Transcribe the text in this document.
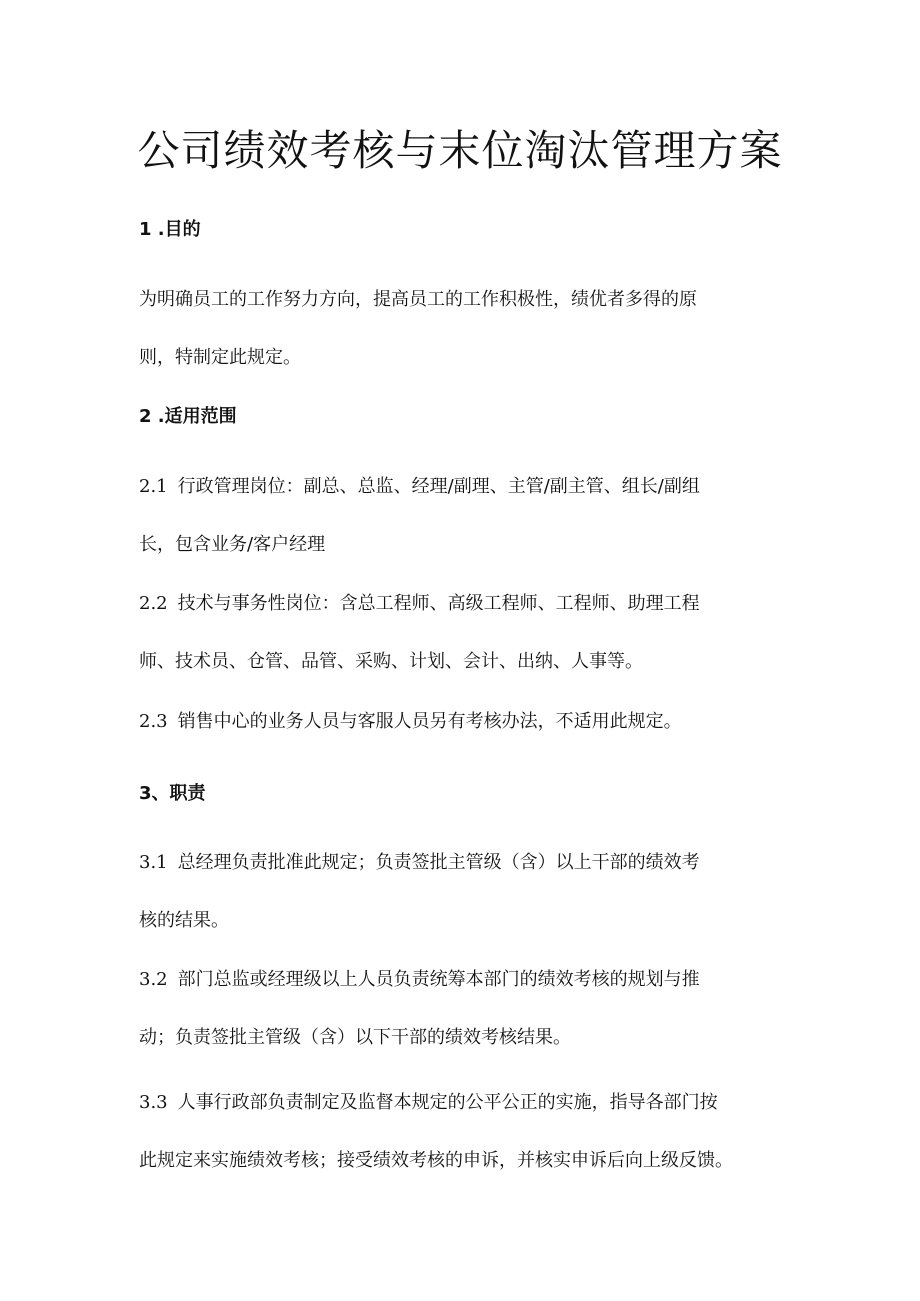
公司绩效考核与末位淘汰管理方案
1 .目的
为明确员工的工作努力方向，提高员工的工作积极性，绩优者多得的原
则，特制定此规定。
2 .适用范围
2.1 行政管理岗位：副总、总监、经理/副理、主管/副主管、组长/副组
长，包含业务/客户经理
2.2 技术与事务性岗位：含总工程师、高级工程师、工程师、助理工程
师、技术员、仓管、品管、采购、计划、会计、出纳、人事等。
2.3 销售中心的业务人员与客服人员另有考核办法，不适用此规定。
3、职责
3.1 总经理负责批准此规定；负责签批主管级（含）以上干部的绩效考
核的结果。
3.2 部门总监或经理级以上人员负责统筹本部门的绩效考核的规划与推
动；负责签批主管级（含）以下干部的绩效考核结果。
3.3 人事行政部负责制定及监督本规定的公平公正的实施，指导各部门按
此规定来实施绩效考核；接受绩效考核的申诉，并核实申诉后向上级反馈。
